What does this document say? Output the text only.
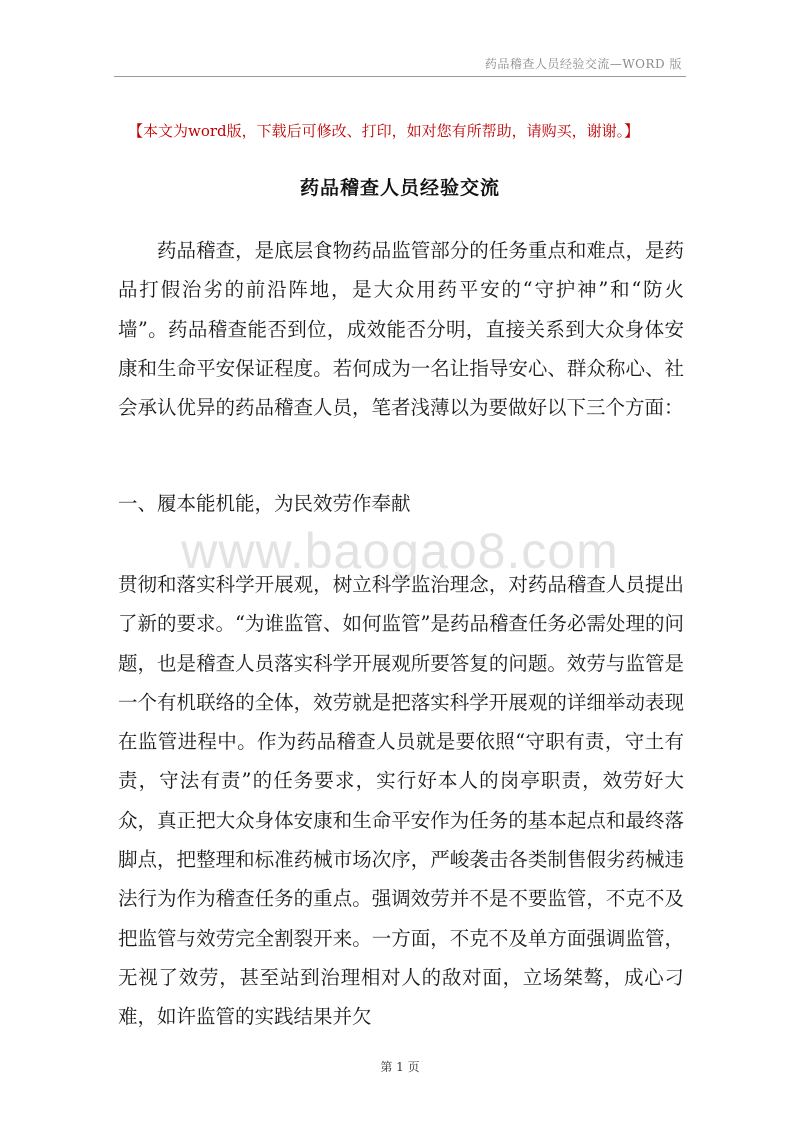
药品稽查人员经验交流—WORD 版
【本文为word版，下载后可修改、打印，如对您有所帮助，请购买，谢谢。】
药品稽查人员经验交流

药品稽查，是底层食物药品监管部分的任务重点和难点，是药品打假治劣的前沿阵地，是大众用药平安的“守护神”和“防火墙”。药品稽查能否到位，成效能否分明，直接关系到大众身体安康和生命平安保证程度。若何成为一名让指导安心、群众称心、社会承认优异的药品稽查人员，笔者浅薄以为要做好以下三个方面：

一、履本能机能，为民效劳作奉献
www.baogao8.com

贯彻和落实科学开展观，树立科学监治理念，对药品稽查人员提出了新的要求。“为谁监管、如何监管”是药品稽查任务必需处理的问题，也是稽查人员落实科学开展观所要答复的问题。效劳与监管是一个有机联络的全体，效劳就是把落实科学开展观的详细举动表现在监管进程中。作为药品稽查人员就是要依照“守职有责，守土有责，守法有责”的任务要求，实行好本人的岗亭职责，效劳好大众，真正把大众身体安康和生命平安作为任务的基本起点和最终落脚点，把整理和标准药械市场次序，严峻袭击各类制售假劣药械违法行为作为稽查任务的重点。强调效劳并不是不要监管，不克不及把监管与效劳完全割裂开来。一方面，不克不及单方面强调监管，无视了效劳，甚至站到治理相对人的敌对面，立场桀骜，成心刁难，如许监管的实践结果并欠

第 1 页
